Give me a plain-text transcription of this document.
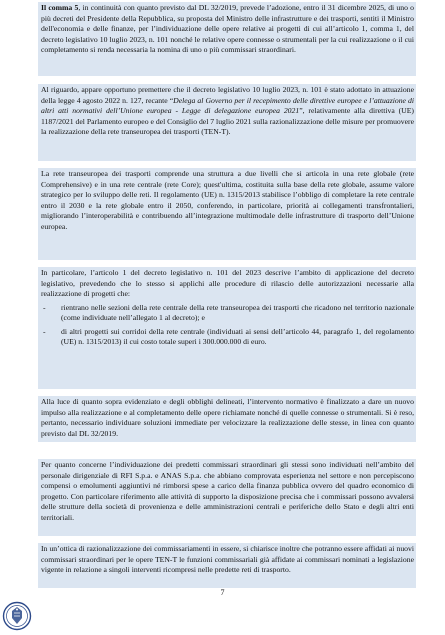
Il comma 5, in continuità con quanto previsto dal DL 32/2019, prevede l’adozione, entro il 31 dicembre 2025, di uno o più decreti del Presidente della Repubblica, su proposta del Ministro delle infrastrutture e dei trasporti, sentiti il Ministro dell'economia e delle finanze, per l’individuazione delle opere relative ai progetti di cui all’articolo 1, comma 1, del decreto legislativo 10 luglio 2023, n. 101 nonché le relative opere connesse o strumentali per la cui realizzazione o il cui completamento si renda necessaria la nomina di uno o più commissari straordinari.

Al riguardo, appare opportuno premettere che il decreto legislativo 10 luglio 2023, n. 101 è stato adottato in attuazione della legge 4 agosto 2022 n. 127, recante “Delega al Governo per il recepimento delle direttive europee e l’attuazione di altri atti normativi dell’Unione europea - Legge di delegazione europea 2021”, relativamente alla direttiva (UE) 1187/2021 del Parlamento europeo e del Consiglio del 7 luglio 2021 sulla razionalizzazione delle misure per promuovere la realizzazione della rete transeuropea dei trasporti (TEN-T).

La rete transeuropea dei trasporti comprende una struttura a due livelli che si articola in una rete globale (rete Comprehensive) e in una rete centrale (rete Core); quest'ultima, costituita sulla base della rete globale, assume valore strategico per lo sviluppo delle reti. Il regolamento (UE) n. 1315/2013 stabilisce l’obbligo di completare la rete centrale entro il 2030 e la rete globale entro il 2050, conferendo, in particolare, priorità ai collegamenti transfrontalieri, migliorando l’interoperabilità e contribuendo all’integrazione multimodale delle infrastrutture di trasporto dell’Unione europea.

In particolare, l’articolo 1 del decreto legislativo n. 101 del 2023 descrive l’ambito di applicazione del decreto legislativo, prevedendo che lo stesso si applichi alle procedure di rilascio delle autorizzazioni necessarie alla realizzazione di progetti che:

-	rientrano nelle sezioni della rete centrale della rete transeuropea dei trasporti che ricadono nel territorio nazionale (come individuate nell’allegato 1 al decreto); e
-	di altri progetti sui corridoi della rete centrale (individuati ai sensi dell’articolo 44, paragrafo 1, del regolamento (UE) n. 1315/2013) il cui costo totale superi i 300.000.000 di euro.

Alla luce di quanto sopra evidenziato e degli obblighi delineati, l’intervento normativo è finalizzato a dare un nuovo impulso alla realizzazione e al completamento delle opere richiamate nonché di quelle connesse o strumentali. Si è reso, pertanto, necessario individuare soluzioni immediate per velocizzare la realizzazione delle stesse, in linea con quanto previsto dal DL 32/2019.

Per quanto concerne l’individuazione dei predetti commissari straordinari gli stessi sono individuati nell’ambito del personale dirigenziale di RFI S.p.a. e ANAS S.p.a. che abbiano comprovata esperienza nel settore e non percepiscono compensi o emolumenti aggiuntivi né rimborsi spese a carico della finanza pubblica ovvero del quadro economico di progetto. Con particolare riferimento alle attività di supporto la disposizione precisa che i commissari possono avvalersi delle strutture della società di provenienza e delle amministrazioni centrali e periferiche dello Stato e degli altri enti territoriali.

In un’ottica di razionalizzazione dei commissariamenti in essere, si chiarisce inoltre che potranno essere affidati ai nuovi commissari straordinari per le opere TEN-T le funzioni commissariali già affidate ai commissari nominati a legislazione vigente in relazione a singoli interventi ricompresi nelle predette reti di trasporto.

7
